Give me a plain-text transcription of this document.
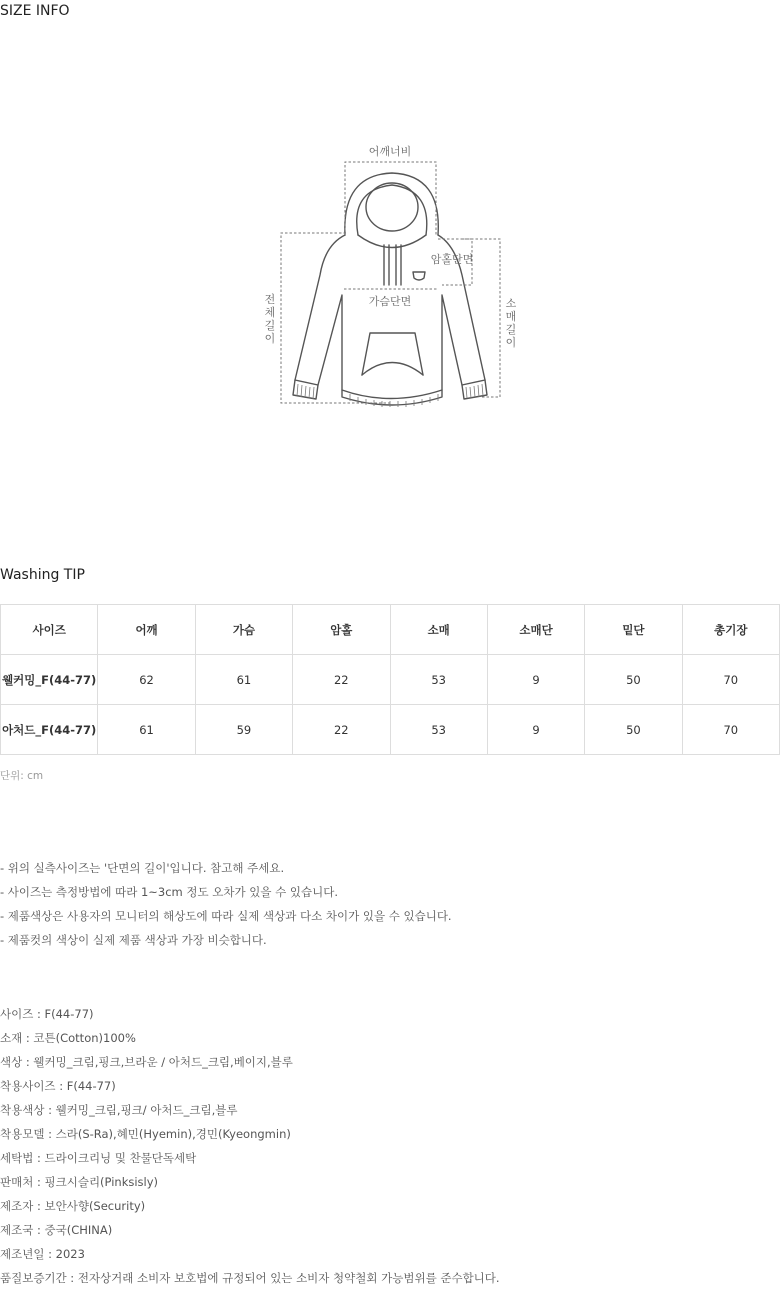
SIZE INFO
어깨너비
암홀단면
가슴단면
전
체
길
이
소
매
길
이
Washing TIP
사이즈	어깨	가슴	암홀	소매	소매단	밑단	총기장
웰커밍_F(44-77)	62	61	22	53	9	50	70
아처드_F(44-77)	61	59	22	53	9	50	70
단위: cm
- 위의 실측사이즈는 '단면의 길이'입니다. 참고해 주세요.
- 사이즈는 측정방법에 따라 1~3cm 정도 오차가 있을 수 있습니다.
- 제품색상은 사용자의 모니터의 해상도에 따라 실제 색상과 다소 차이가 있을 수 있습니다.
- 제품컷의 색상이 실제 제품 색상과 가장 비슷합니다.
사이즈 : F(44-77)
소재 : 코튼(Cotton)100%
색상 : 웰커밍_크림,핑크,브라운 / 아처드_크림,베이지,블루
착용사이즈 : F(44-77)
착용색상 : 웰커밍_크림,핑크/ 아처드_크림,블루
착용모델 : 스라(S-Ra),혜민(Hyemin),경민(Kyeongmin)
세탁법 : 드라이크리닝 및 찬물단독세탁
판매처 : 핑크시슬리(Pinksisly)
제조자 : 보안사향(Security)
제조국 : 중국(CHINA)
제조년일 : 2023
품질보증기간 : 전자상거래 소비자 보호법에 규정되어 있는 소비자 청약철회 가능범위를 준수합니다.
